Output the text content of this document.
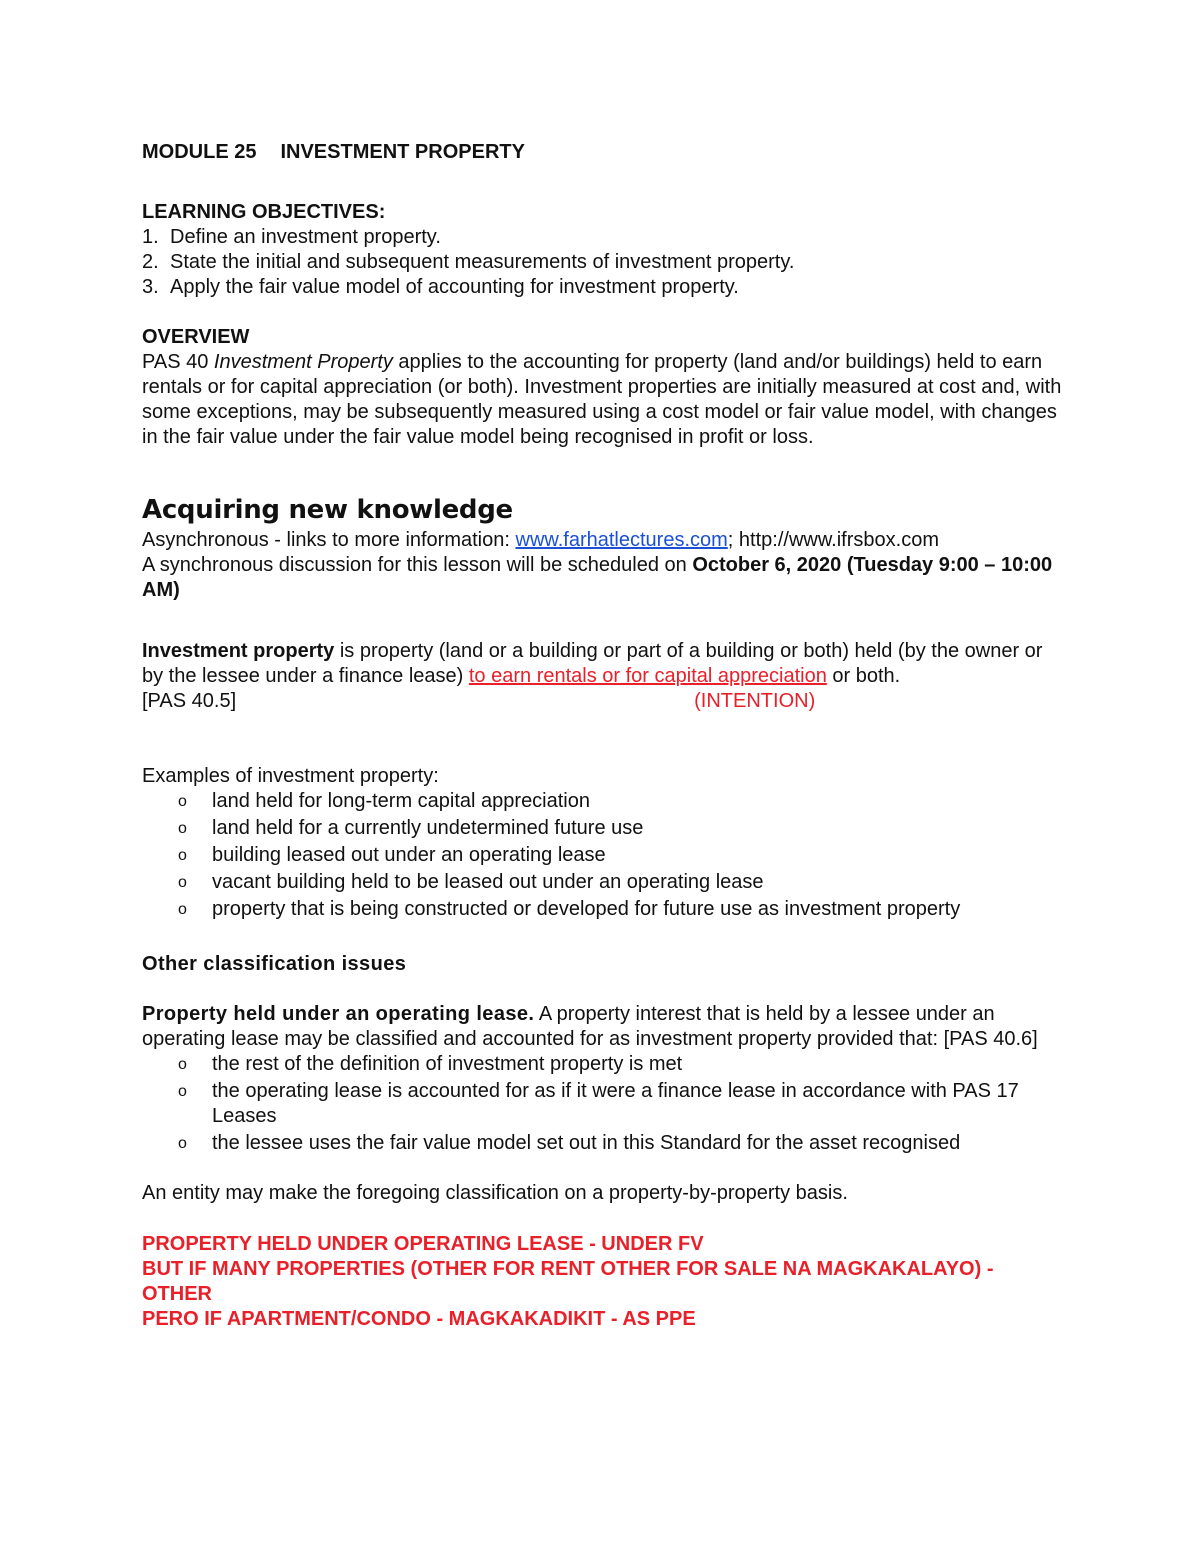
MODULE 25 INVESTMENT PROPERTY
LEARNING OBJECTIVES:
1. Define an investment property.
2. State the initial and subsequent measurements of investment property.
3. Apply the fair value model of accounting for investment property.
OVERVIEW
PAS 40 Investment Property applies to the accounting for property (land and/or buildings) held to earn rentals or for capital appreciation (or both). Investment properties are initially measured at cost and, with some exceptions, may be subsequently measured using a cost model or fair value model, with changes in the fair value under the fair value model being recognised in profit or loss.
Acquiring new knowledge
Asynchronous - links to more information: www.farhatlectures.com; http://www.ifrsbox.com
A synchronous discussion for this lesson will be scheduled on October 6, 2020 (Tuesday 9:00 – 10:00 AM)
Investment property is property (land or a building or part of a building or both) held (by the owner or by the lessee under a finance lease) to earn rentals or for capital appreciation or both.
[PAS 40.5]	(INTENTION)
Examples of investment property:
o	land held for long-term capital appreciation
o	land held for a currently undetermined future use
o	building leased out under an operating lease
o	vacant building held to be leased out under an operating lease
o	property that is being constructed or developed for future use as investment property
Other classification issues
Property held under an operating lease. A property interest that is held by a lessee under an operating lease may be classified and accounted for as investment property provided that: [PAS 40.6]
o	the rest of the definition of investment property is met
o	the operating lease is accounted for as if it were a finance lease in accordance with PAS 17 Leases
o	the lessee uses the fair value model set out in this Standard for the asset recognised
An entity may make the foregoing classification on a property-by-property basis.
PROPERTY HELD UNDER OPERATING LEASE - UNDER FV
BUT IF MANY PROPERTIES (OTHER FOR RENT OTHER FOR SALE NA MAGKAKALAYO) - OTHER
PERO IF APARTMENT/CONDO - MAGKAKADIKIT - AS PPE
